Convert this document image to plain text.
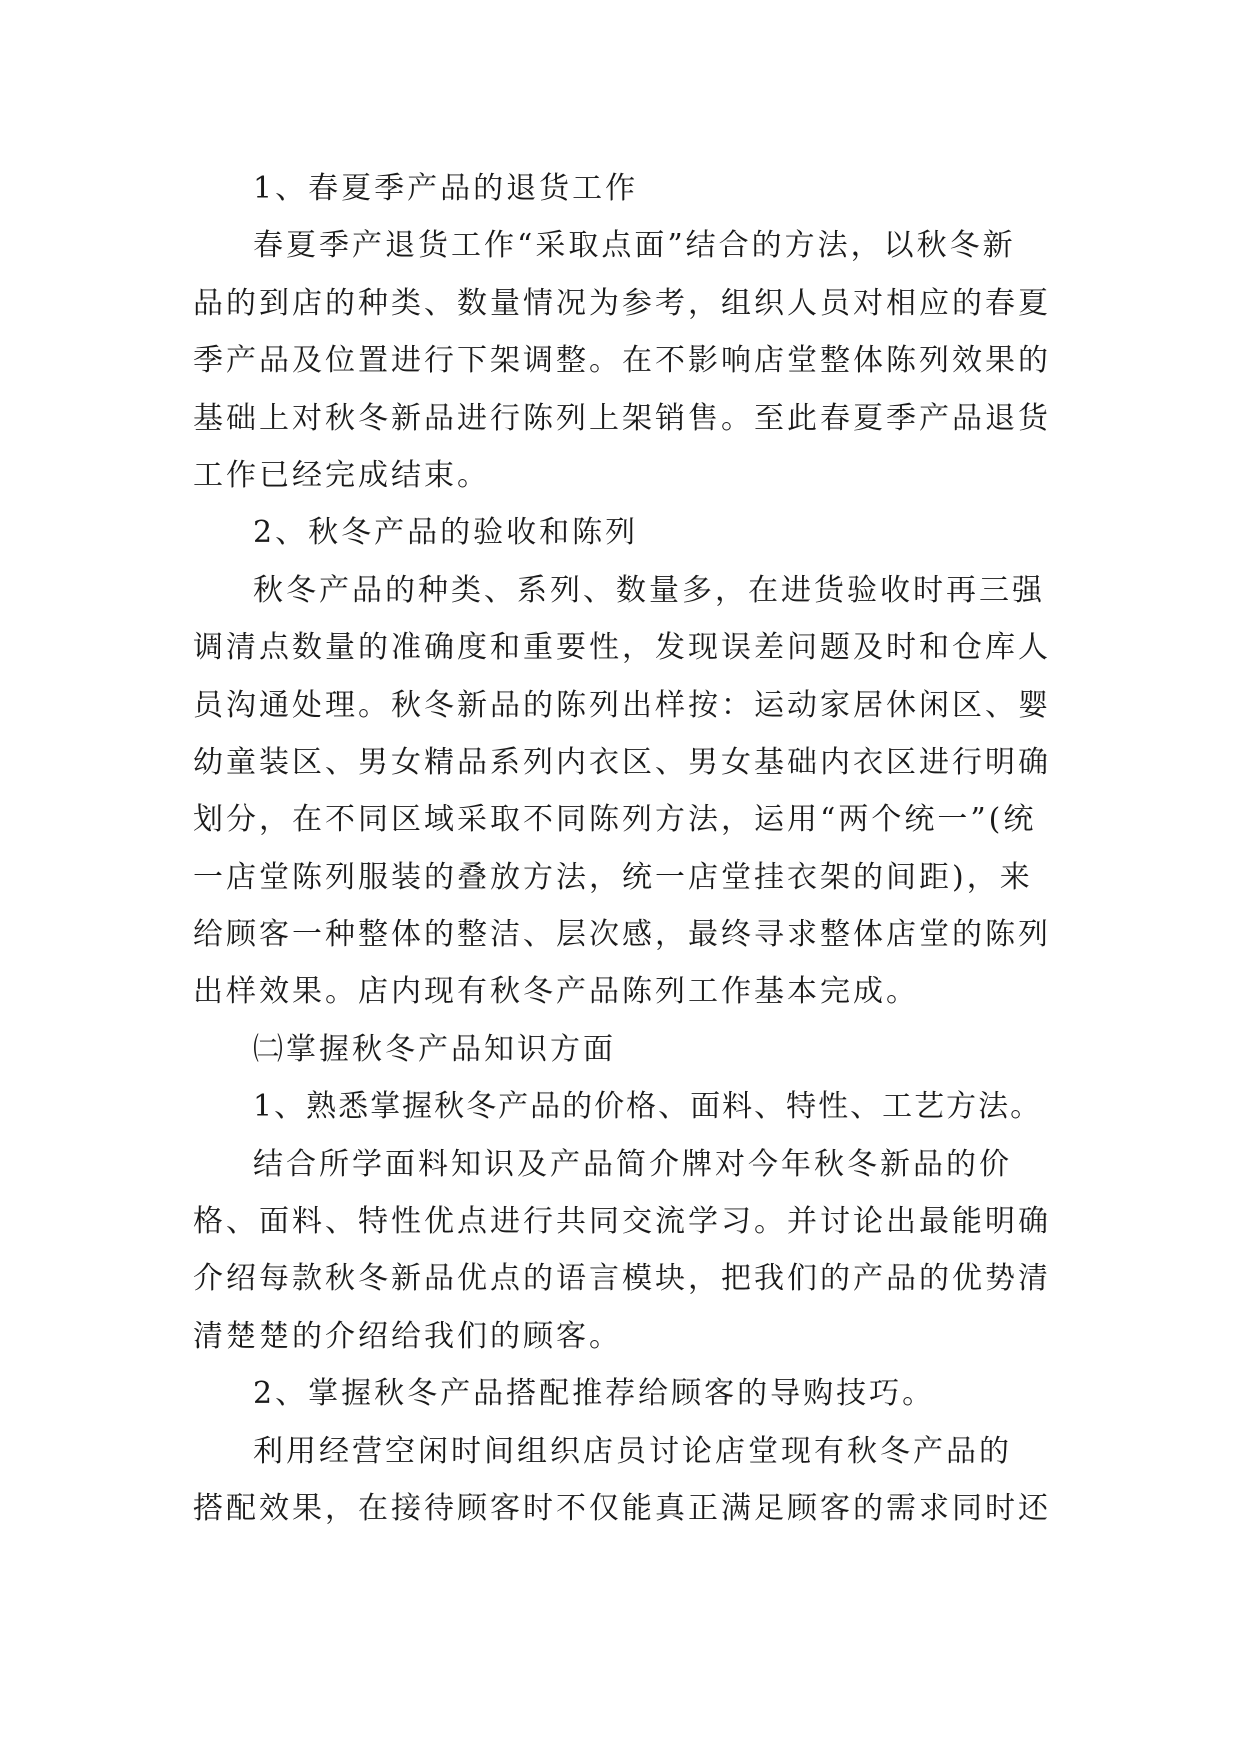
1、春夏季产品的退货工作
春夏季产退货工作“采取点面”结合的方法，以秋冬新
品的到店的种类、数量情况为参考，组织人员对相应的春夏
季产品及位置进行下架调整。在不影响店堂整体陈列效果的
基础上对秋冬新品进行陈列上架销售。至此春夏季产品退货
工作已经完成结束。
2、秋冬产品的验收和陈列
秋冬产品的种类、系列、数量多，在进货验收时再三强
调清点数量的准确度和重要性，发现误差问题及时和仓库人
员沟通处理。秋冬新品的陈列出样按：运动家居休闲区、婴
幼童装区、男女精品系列内衣区、男女基础内衣区进行明确
划分，在不同区域采取不同陈列方法，运用“两个统一”(统
一店堂陈列服装的叠放方法，统一店堂挂衣架的间距)，来
给顾客一种整体的整洁、层次感，最终寻求整体店堂的陈列
出样效果。店内现有秋冬产品陈列工作基本完成。
㈡掌握秋冬产品知识方面
1、熟悉掌握秋冬产品的价格、面料、特性、工艺方法。
结合所学面料知识及产品简介牌对今年秋冬新品的价
格、面料、特性优点进行共同交流学习。并讨论出最能明确
介绍每款秋冬新品优点的语言模块，把我们的产品的优势清
清楚楚的介绍给我们的顾客。
2、掌握秋冬产品搭配推荐给顾客的导购技巧。
利用经营空闲时间组织店员讨论店堂现有秋冬产品的
搭配效果，在接待顾客时不仅能真正满足顾客的需求同时还
